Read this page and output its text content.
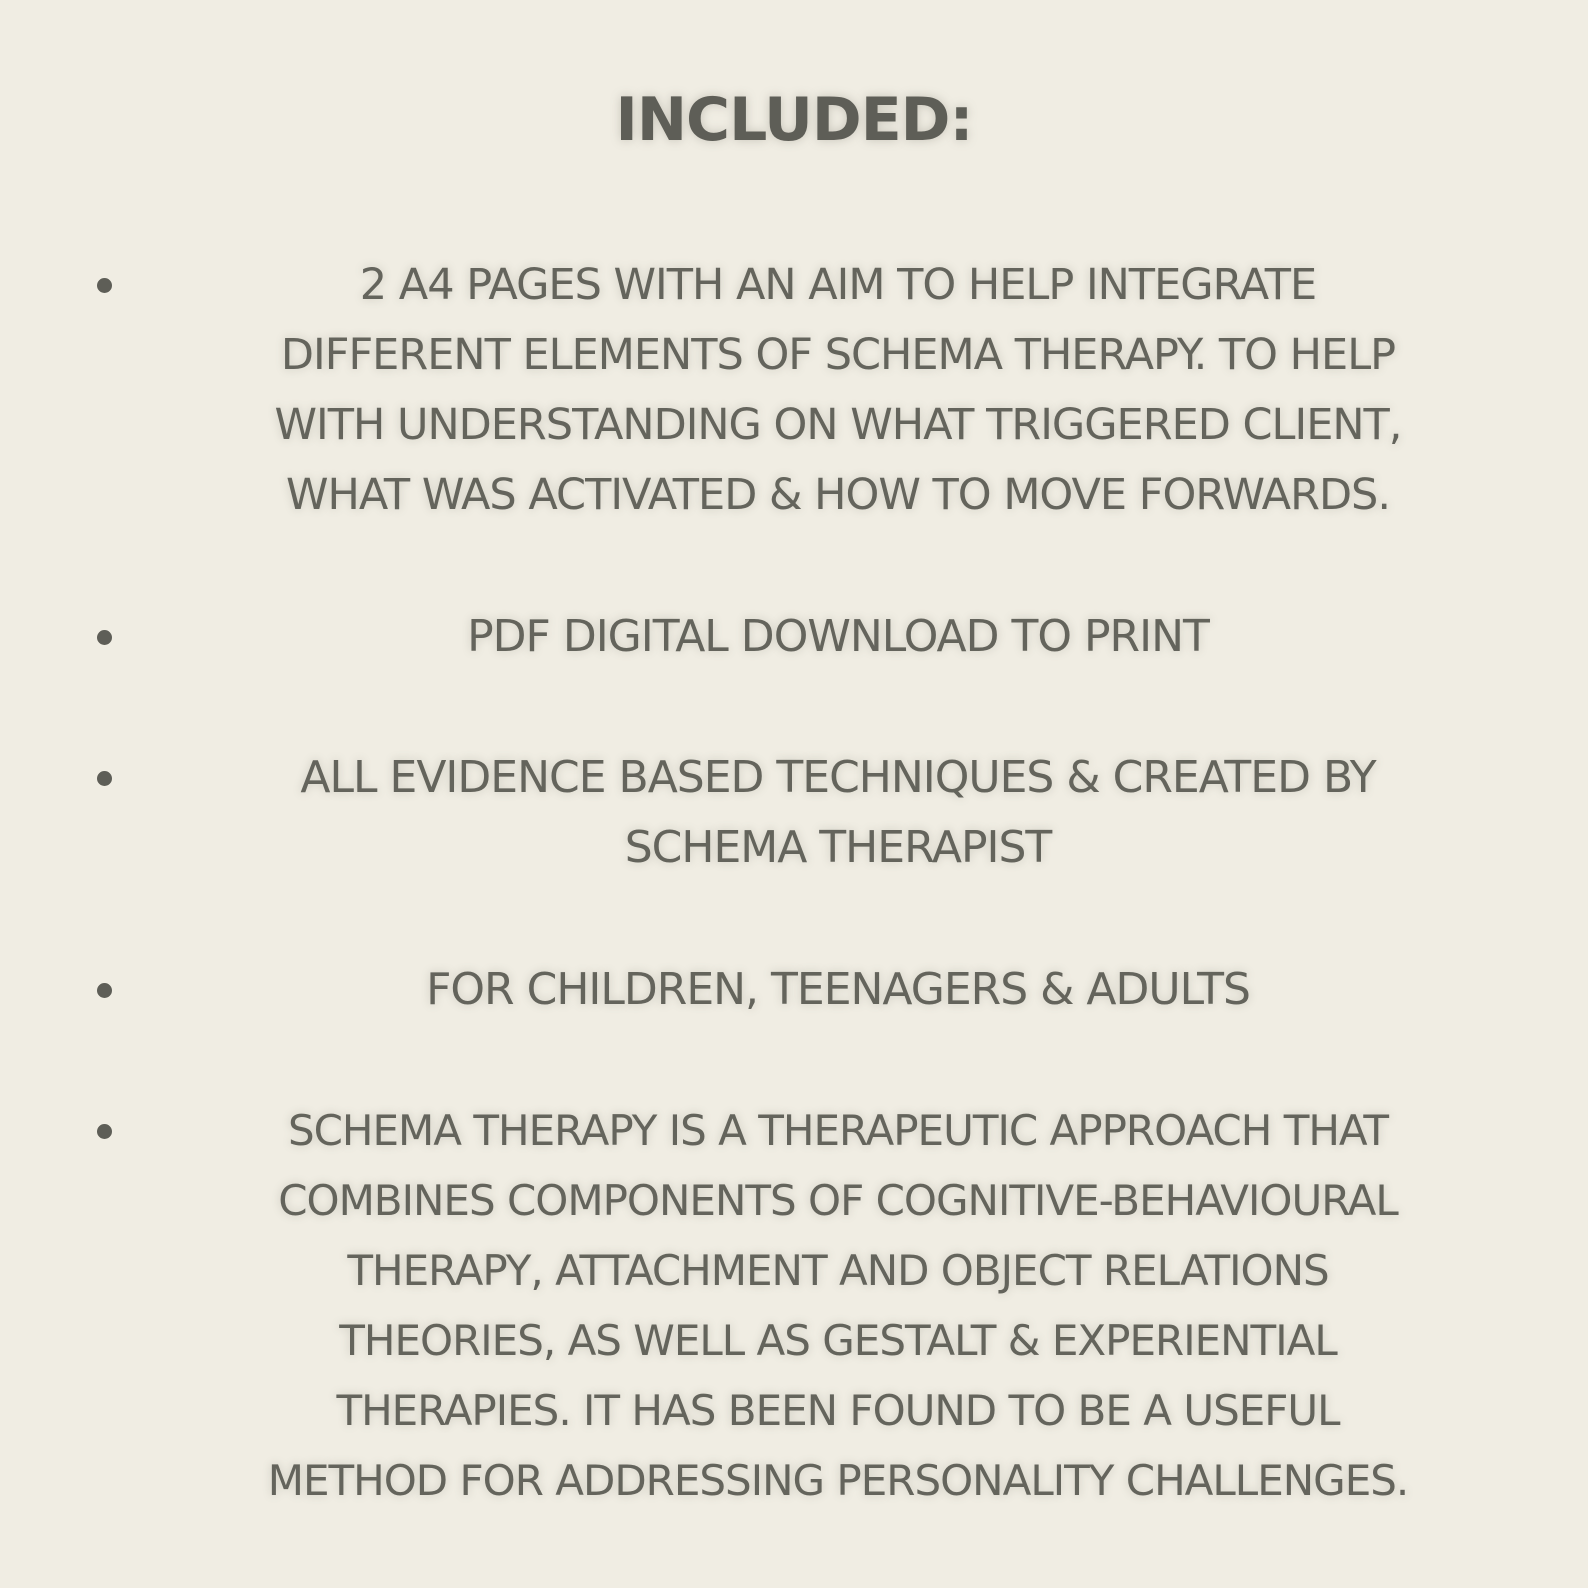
INCLUDED:
2 A4 PAGES WITH AN AIM TO HELP INTEGRATE
DIFFERENT ELEMENTS OF SCHEMA THERAPY. TO HELP
WITH UNDERSTANDING ON WHAT TRIGGERED CLIENT,
WHAT WAS ACTIVATED & HOW TO MOVE FORWARDS.
PDF DIGITAL DOWNLOAD TO PRINT
ALL EVIDENCE BASED TECHNIQUES & CREATED BY
SCHEMA THERAPIST
FOR CHILDREN, TEENAGERS & ADULTS
SCHEMA THERAPY IS A THERAPEUTIC APPROACH THAT
COMBINES COMPONENTS OF COGNITIVE-BEHAVIOURAL
THERAPY, ATTACHMENT AND OBJECT RELATIONS
THEORIES, AS WELL AS GESTALT & EXPERIENTIAL
THERAPIES. IT HAS BEEN FOUND TO BE A USEFUL
METHOD FOR ADDRESSING PERSONALITY CHALLENGES.
